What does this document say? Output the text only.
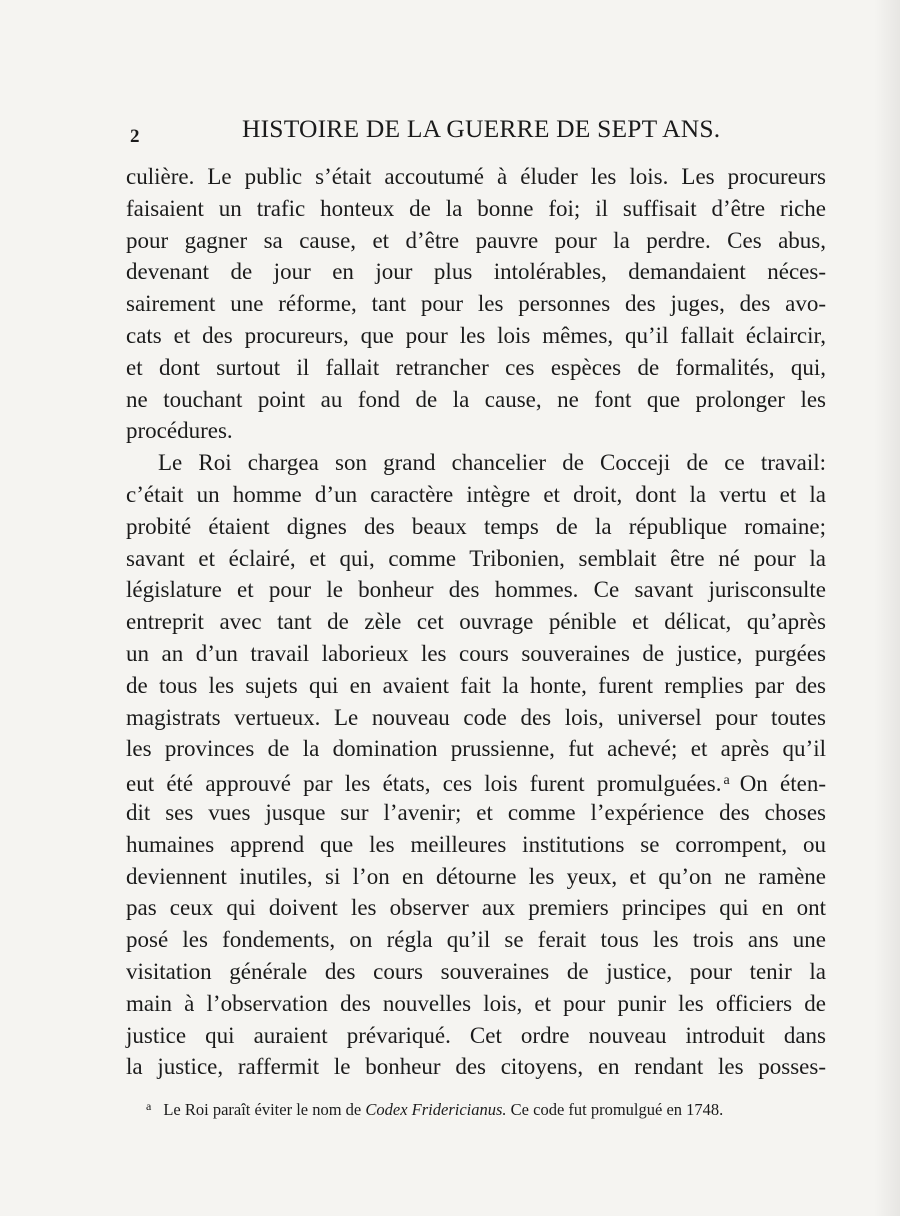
2	HISTOIRE DE LA GUERRE DE SEPT ANS.
culière. Le public s’était accoutumé à éluder les lois. Les procureurs
faisaient un trafic honteux de la bonne foi; il suffisait d’être riche
pour gagner sa cause, et d’être pauvre pour la perdre. Ces abus,
devenant de jour en jour plus intolérables, demandaient néces-
sairement une réforme, tant pour les personnes des juges, des avo-
cats et des procureurs, que pour les lois mêmes, qu’il fallait éclaircir,
et dont surtout il fallait retrancher ces espèces de formalités, qui,
ne touchant point au fond de la cause, ne font que prolonger les
procédures.
Le Roi chargea son grand chancelier de Cocceji de ce travail:
c’était un homme d’un caractère intègre et droit, dont la vertu et la
probité étaient dignes des beaux temps de la république romaine;
savant et éclairé, et qui, comme Tribonien, semblait être né pour la
législature et pour le bonheur des hommes. Ce savant jurisconsulte
entreprit avec tant de zèle cet ouvrage pénible et délicat, qu’après
un an d’un travail laborieux les cours souveraines de justice, purgées
de tous les sujets qui en avaient fait la honte, furent remplies par des
magistrats vertueux. Le nouveau code des lois, universel pour toutes
les provinces de la domination prussienne, fut achevé; et après qu’il
eut été approuvé par les états, ces lois furent promulguées. $^a$ On éten-
dit ses vues jusque sur l’avenir; et comme l’expérience des choses
humaines apprend que les meilleures institutions se corrompent, ou
deviennent inutiles, si l’on en détourne les yeux, et qu’on ne ramène
pas ceux qui doivent les observer aux premiers principes qui en ont
posé les fondements, on régla qu’il se ferait tous les trois ans une
visitation générale des cours souveraines de justice, pour tenir la
main à l’observation des nouvelles lois, et pour punir les officiers de
justice qui auraient prévariqué. Cet ordre nouveau introduit dans
la justice, raffermit le bonheur des citoyens, en rendant les posses-
$^a$ Le Roi paraît éviter le nom de Codex Fridericianus. Ce code fut promulgué en 1748.
